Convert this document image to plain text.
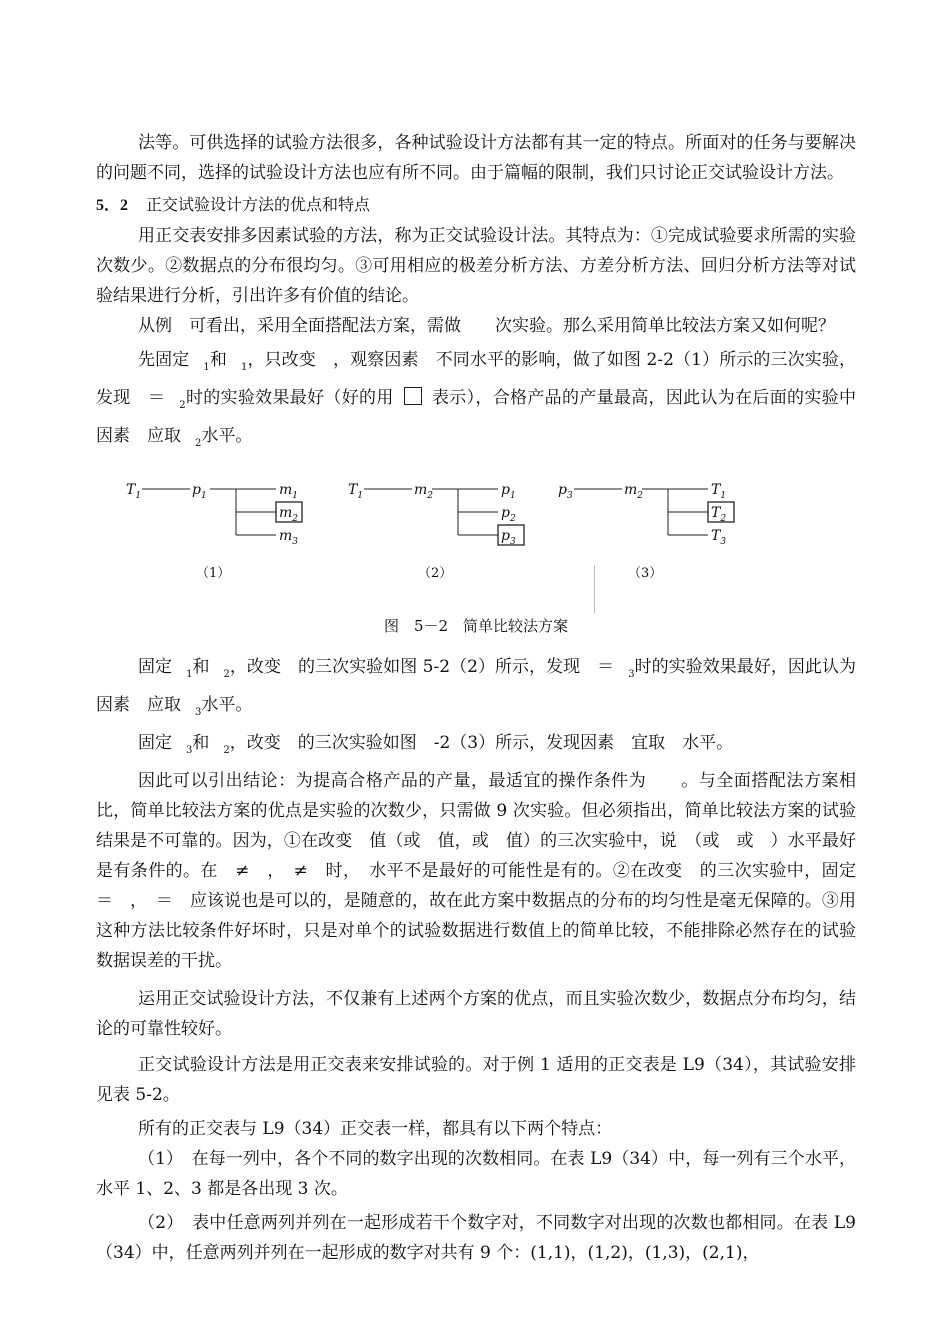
法等。可供选择的试验方法很多，各种试验设计方法都有其一定的特点。所面对的任务与要解决的问题不同，选择的试验设计方法也应有所不同。由于篇幅的限制，我们只讨论正交试验设计方法。

5．2 正交试验设计方法的优点和特点

用正交表安排多因素试验的方法，称为正交试验设计法。其特点为：①完成试验要求所需的实验次数少。②数据点的分布很均匀。③可用相应的极差分析方法、方差分析方法、回归分析方法等对试验结果进行分析，引出许多有价值的结论。

从例　可看出，采用全面搭配法方案，需做　　次实验。那么采用简单比较法方案又如何呢？

先固定 $_1$和 $_1$，只改变　，观察因素　不同水平的影响，做了如图 2-2（1）所示的三次实验，发现　＝ $_2$时的实验效果最好（好的用 表示），合格产品的产量最高，因此认为在后面的实验中因素　应取 $_2$水平。

$T_1$	$p_1$	$m_1$
$m_2$
$m_3$
（1）
$T_1$	$m_2$	$p_1$
$p_2$
$p_3$
（2）
$p_3$	$m_2$	$T_1$
$T_2$
$T_3$
（3）
图　5－2　简单比较法方案

固定 $_1$和 $_2$，改变　的三次实验如图 5-2（2）所示，发现　＝ $_3$时的实验效果最好，因此认为因素　应取 $_3$水平。

固定 $_3$和 $_2$，改变　的三次实验如图　-2（3）所示，发现因素　宜取　水平。

因此可以引出结论：为提高合格产品的产量，最适宜的操作条件为　　。与全面搭配法方案相比，简单比较法方案的优点是实验的次数少，只需做 9 次实验。但必须指出，简单比较法方案的试验结果是不可靠的。因为，①在改变　值（或　值，或　值）的三次实验中，说　（或　或　）水平最好是有条件的。在　≠　，　≠　时，　水平不是最好的可能性是有的。②在改变　的三次实验中，固定　＝　，　＝　应该说也是可以的，是随意的，故在此方案中数据点的分布的均匀性是毫无保障的。③用这种方法比较条件好坏时，只是对单个的试验数据进行数值上的简单比较，不能排除必然存在的试验数据误差的干扰。

运用正交试验设计方法，不仅兼有上述两个方案的优点，而且实验次数少，数据点分布均匀，结论的可靠性较好。

正交试验设计方法是用正交表来安排试验的。对于例 1 适用的正交表是 L9（34），其试验安排见表 5-2。

所有的正交表与 L9（34）正交表一样，都具有以下两个特点：

（1）　在每一列中，各个不同的数字出现的次数相同。在表 L9（34）中，每一列有三个水平，水平 1、2、3 都是各出现 3 次。

（2）　表中任意两列并列在一起形成若干个数字对，不同数字对出现的次数也都相同。在表 L9（34）中，任意两列并列在一起形成的数字对共有 9 个：(1,1)，(1,2)，(1,3)，(2,1)，
